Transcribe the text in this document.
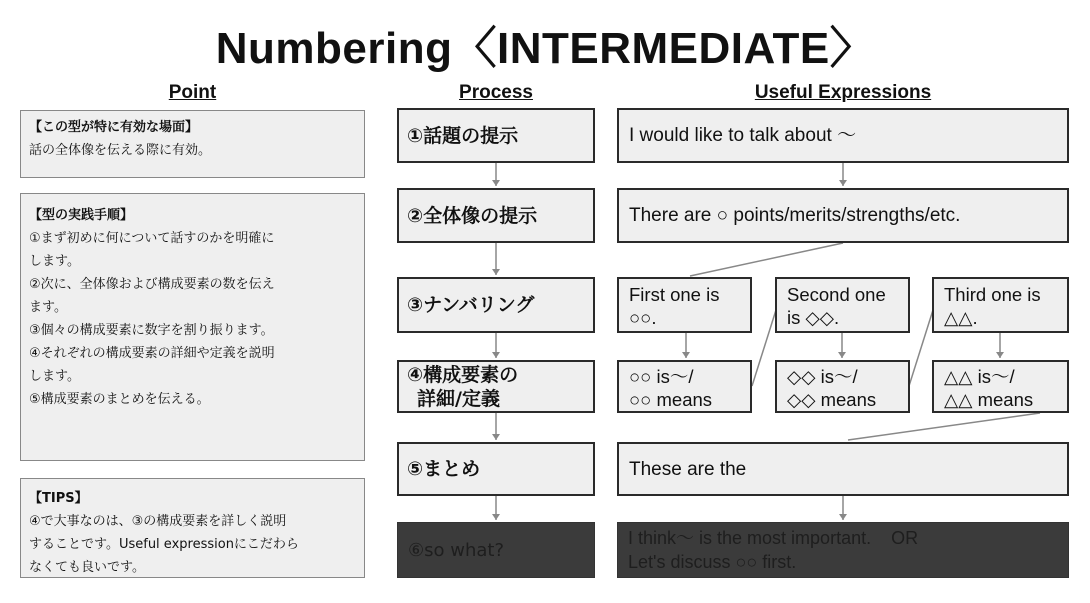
Numbering〈INTERMEDIATE〉
Point	Process	Useful Expressions
【この型が特に有効な場面】
話の全体像を伝える際に有効。
【型の実践手順】
①まず初めに何について話すのかを明確に
します。
②次に、全体像および構成要素の数を伝え
ます。
③個々の構成要素に数字を割り振ります。
④それぞれの構成要素の詳細や定義を説明
します。
⑤構成要素のまとめを伝える。
【TIPS】
④で大事なのは、③の構成要素を詳しく説明
することです。Useful expressionにこだわら
なくても良いです。
①話題の提示
②全体像の提示
③ナンバリング
④構成要素の
詳細/定義
⑤まとめ
⑥so what?
I would like to talk about ～
There are ○ points/merits/strengths/etc.
First one is
○○.
Second one
is ◇◇.
Third one is
△△.
○○ is～/
○○ means
◇◇ is～/
◇◇ means
△△ is～/
△△ means
These are the
I think～ is the most important.    OR
Let's discuss ○○ first.
